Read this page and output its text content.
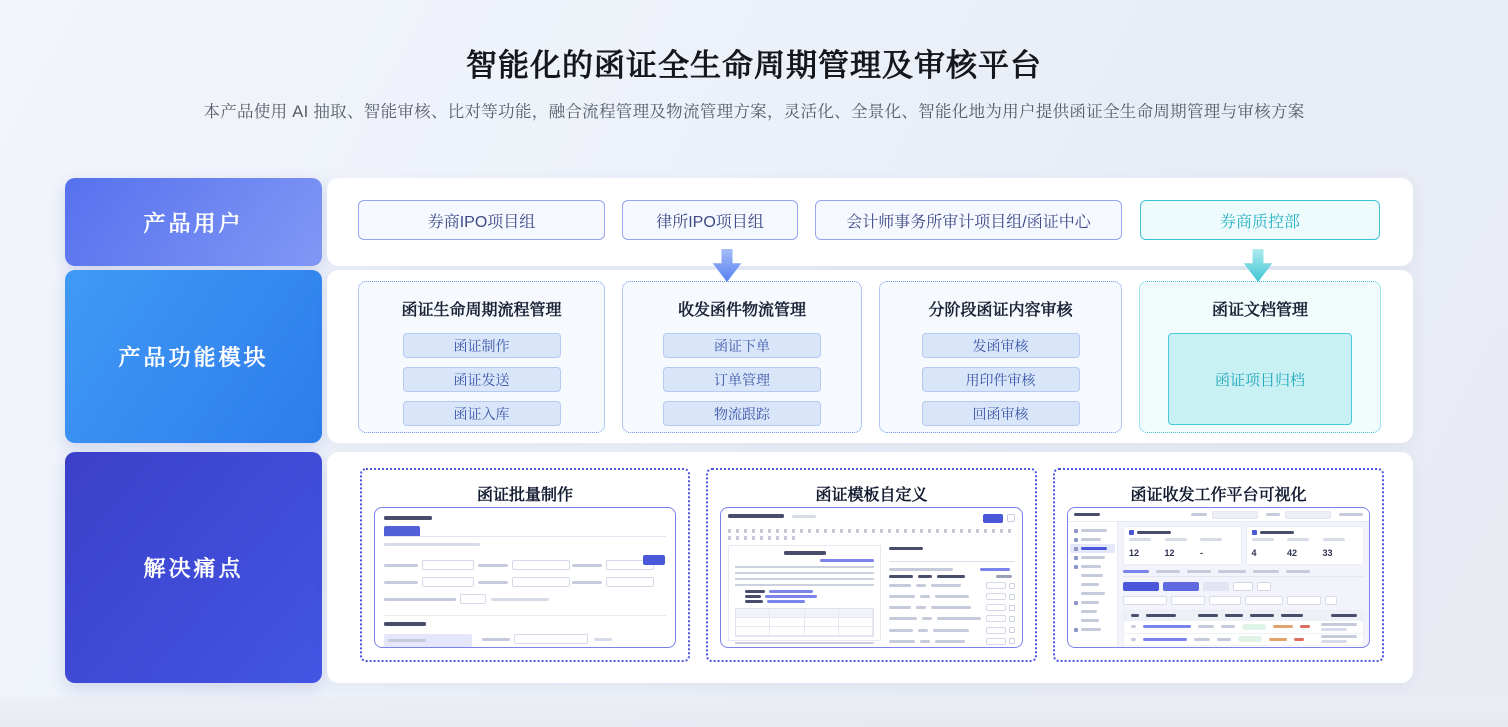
智能化的函证全生命周期管理及审核平台
本产品使用 AI 抽取、智能审核、比对等功能，融合流程管理及物流管理方案，灵活化、全景化、智能化地为用户提供函证全生命周期管理与审核方案
产品用户
产品功能模块
解决痛点
券商IPO项目组	律所IPO项目组	会计师事务所审计项目组/函证中心	券商质控部
函证生命周期流程管理
函证制作
函证发送
函证入库
收发函件物流管理
函证下单
订单管理
物流跟踪
分阶段函证内容审核
发函审核
用印件审核
回函审核
函证文档管理
函证项目归档
函证批量制作	函证模板自定义	函证收发工作平台可视化
12	12	-	4	42	33
